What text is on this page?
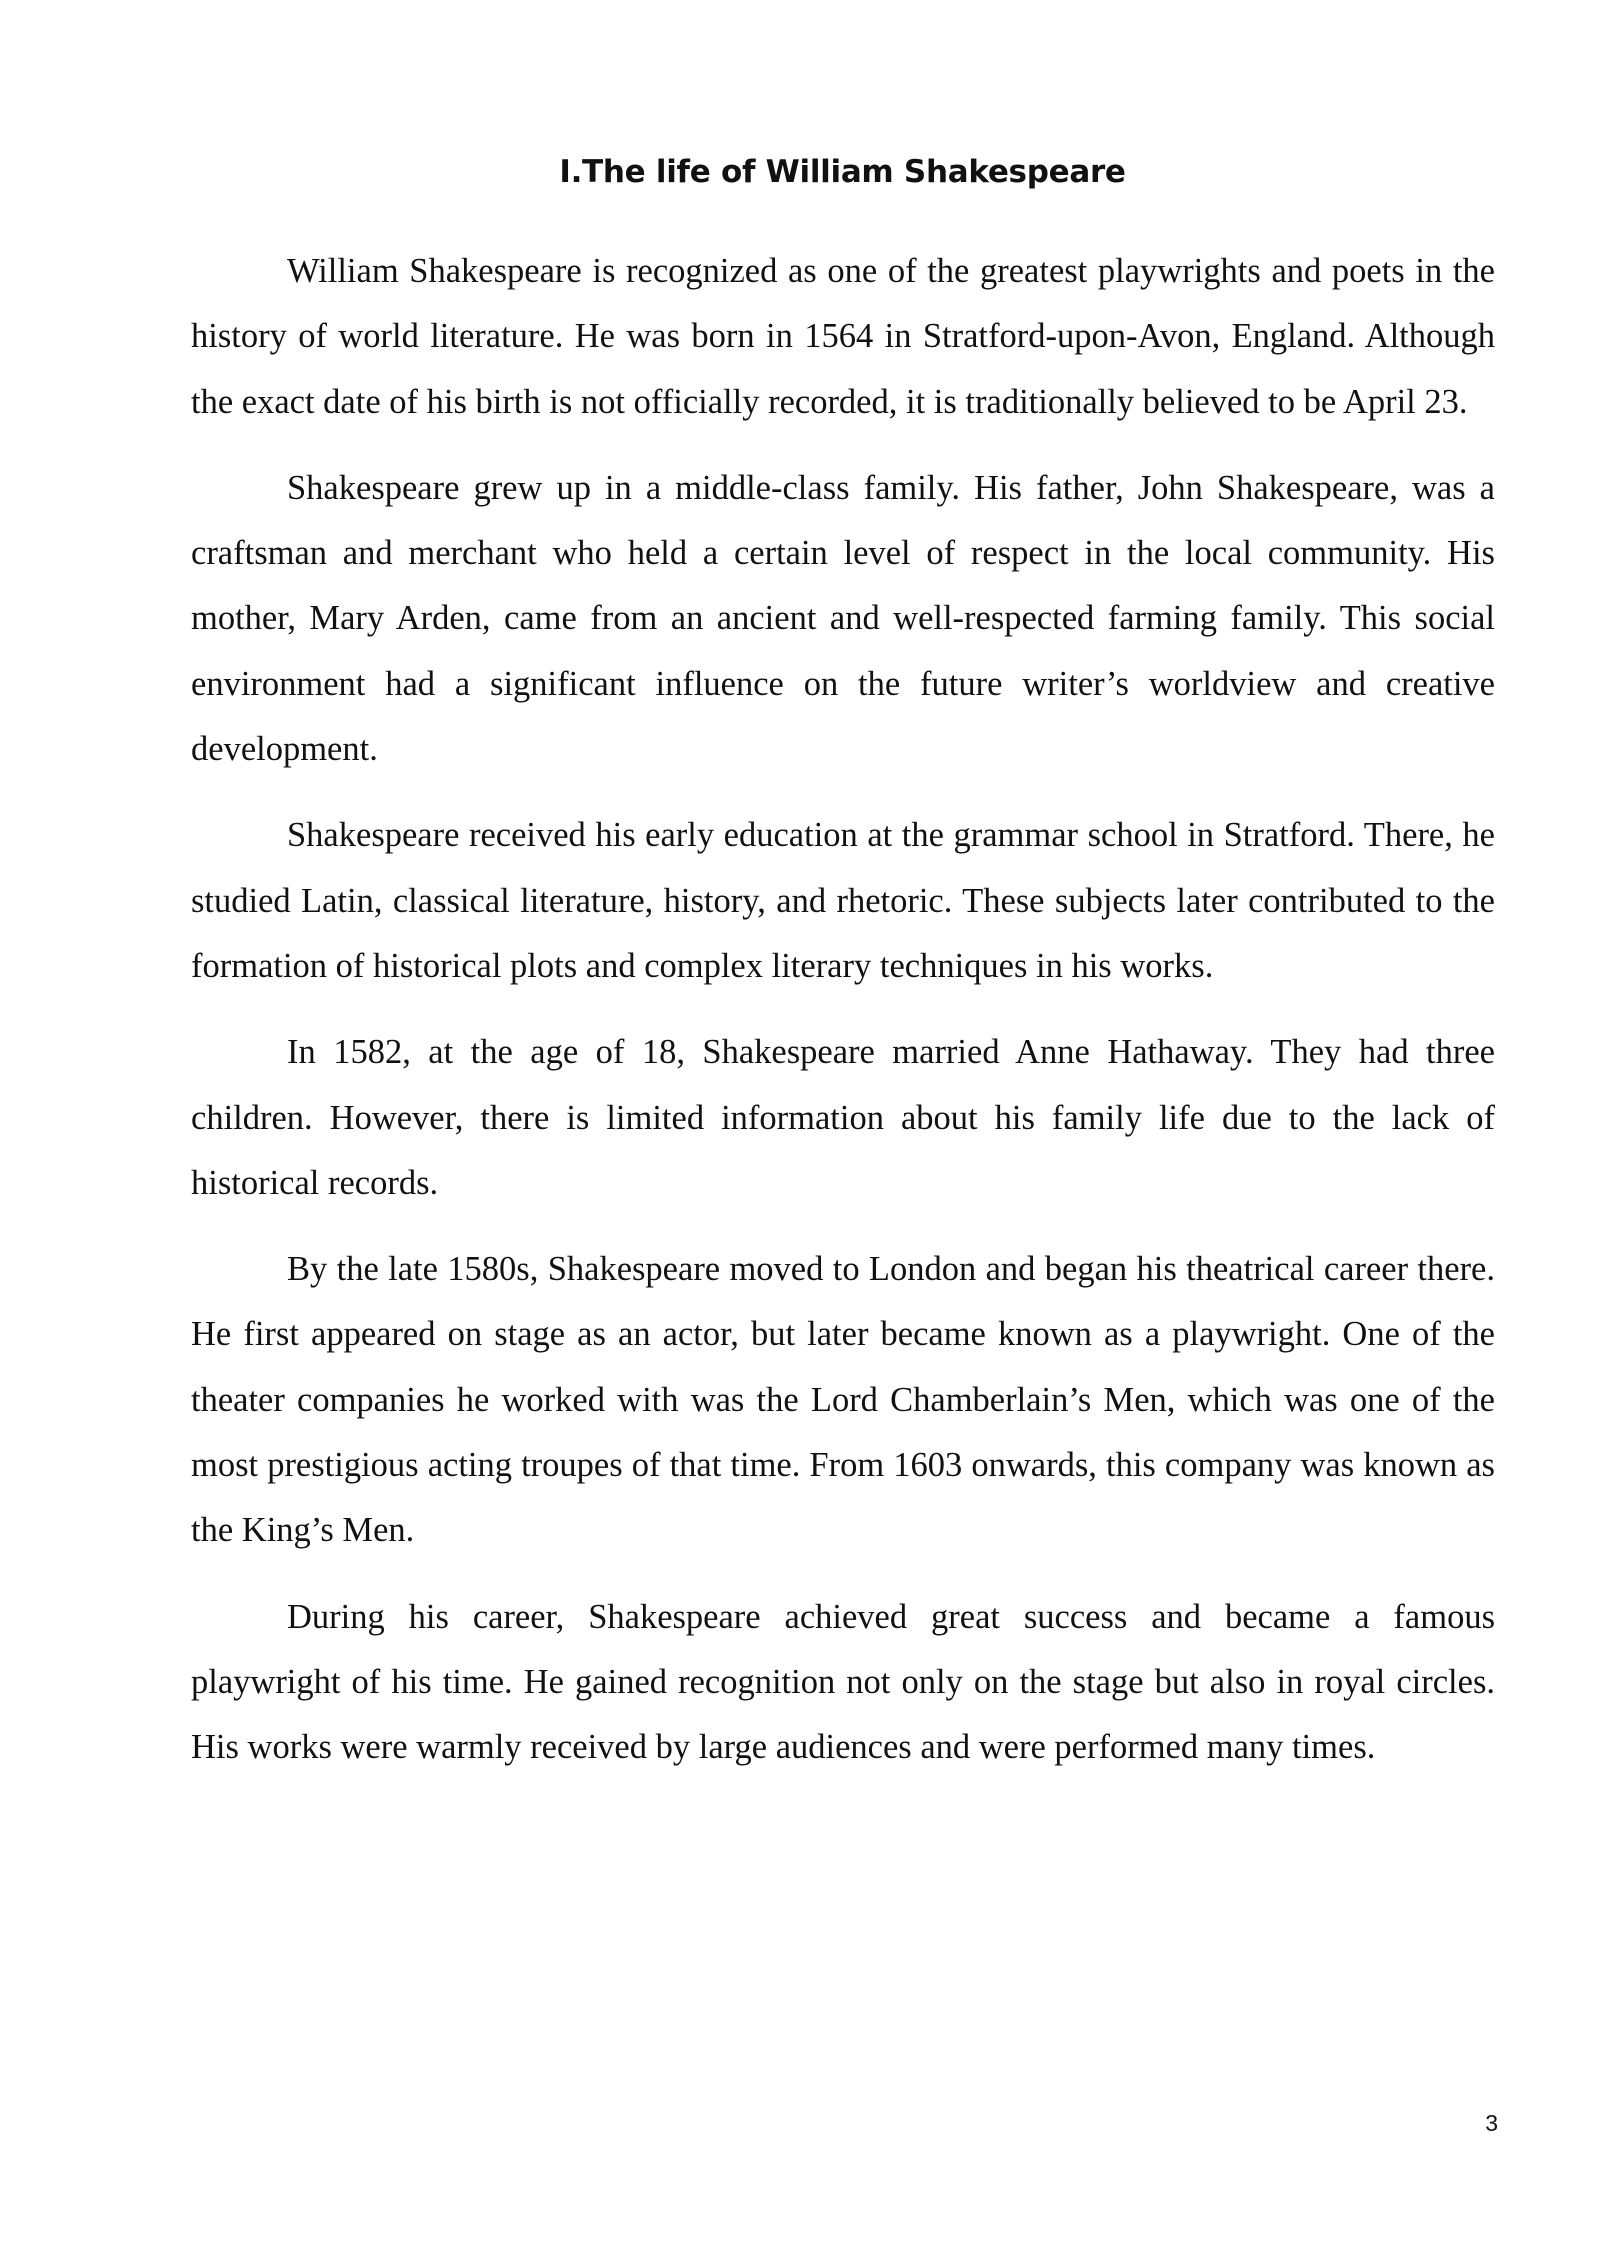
I.The life of William Shakespeare

William Shakespeare is recognized as one of the greatest playwrights and poets in the history of world literature. He was born in 1564 in Stratford-upon-Avon, England. Although the exact date of his birth is not officially recorded, it is traditionally believed to be April 23.

Shakespeare grew up in a middle-class family. His father, John Shakespeare, was a craftsman and merchant who held a certain level of respect in the local community. His mother, Mary Arden, came from an ancient and well-respected farming family. This social environment had a significant influence on the future writer’s worldview and creative development.

Shakespeare received his early education at the grammar school in Stratford. There, he studied Latin, classical literature, history, and rhetoric. These subjects later contributed to the formation of historical plots and complex literary techniques in his works.

In 1582, at the age of 18, Shakespeare married Anne Hathaway. They had three children. However, there is limited information about his family life due to the lack of historical records.

By the late 1580s, Shakespeare moved to London and began his theatrical career there. He first appeared on stage as an actor, but later became known as a playwright. One of the theater companies he worked with was the Lord Chamberlain’s Men, which was one of the most prestigious acting troupes of that time. From 1603 onwards, this company was known as the King’s Men.

During his career, Shakespeare achieved great success and became a famous playwright of his time. He gained recognition not only on the stage but also in royal circles. His works were warmly received by large audiences and were performed many times.

3
